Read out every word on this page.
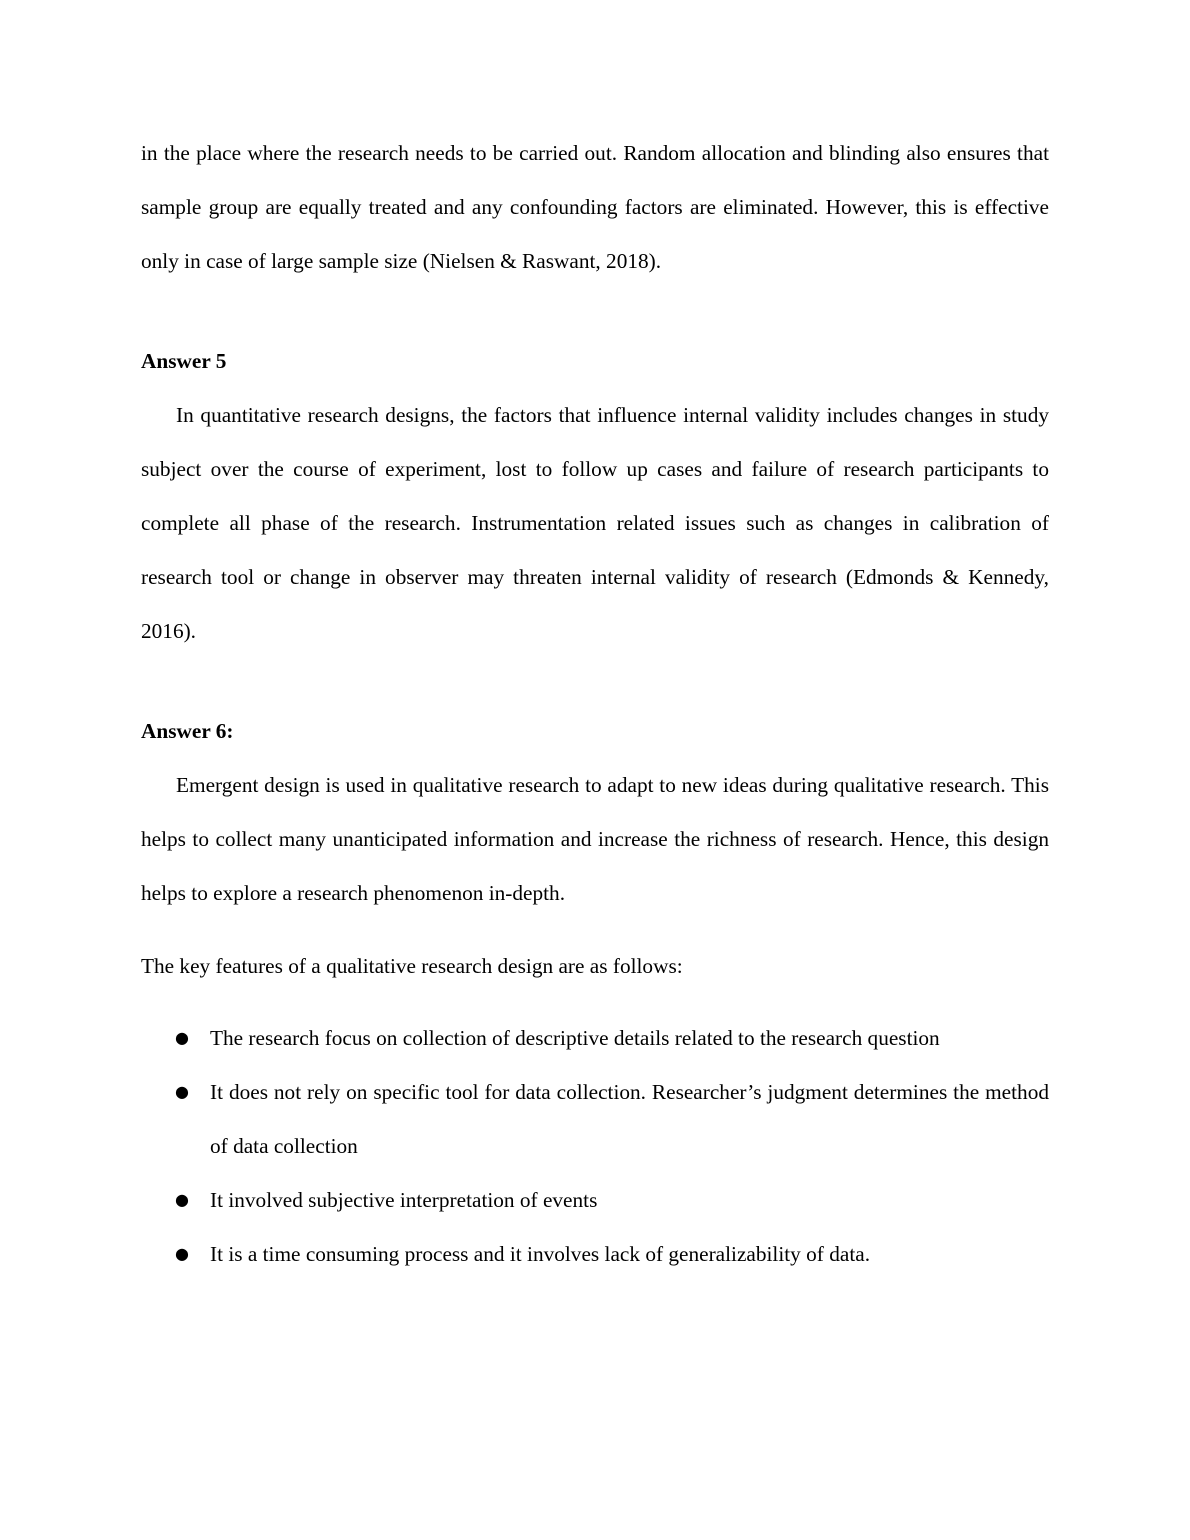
in the place where the research needs to be carried out. Random allocation and blinding also ensures that sample group are equally treated and any confounding factors are eliminated. However, this is effective only in case of large sample size (Nielsen & Raswant, 2018).

Answer 5

In quantitative research designs, the factors that influence internal validity includes changes in study subject over the course of experiment, lost to follow up cases and failure of research participants to complete all phase of the research. Instrumentation related issues such as changes in calibration of research tool or change in observer may threaten internal validity of research (Edmonds & Kennedy, 2016).

Answer 6:

Emergent design is used in qualitative research to adapt to new ideas during qualitative research. This helps to collect many unanticipated information and increase the richness of research. Hence, this design helps to explore a research phenomenon in-depth.

The key features of a qualitative research design are as follows:

● The research focus on collection of descriptive details related to the research question
● It does not rely on specific tool for data collection. Researcher’s judgment determines the method of data collection
● It involved subjective interpretation of events
● It is a time consuming process and it involves lack of generalizability of data.
